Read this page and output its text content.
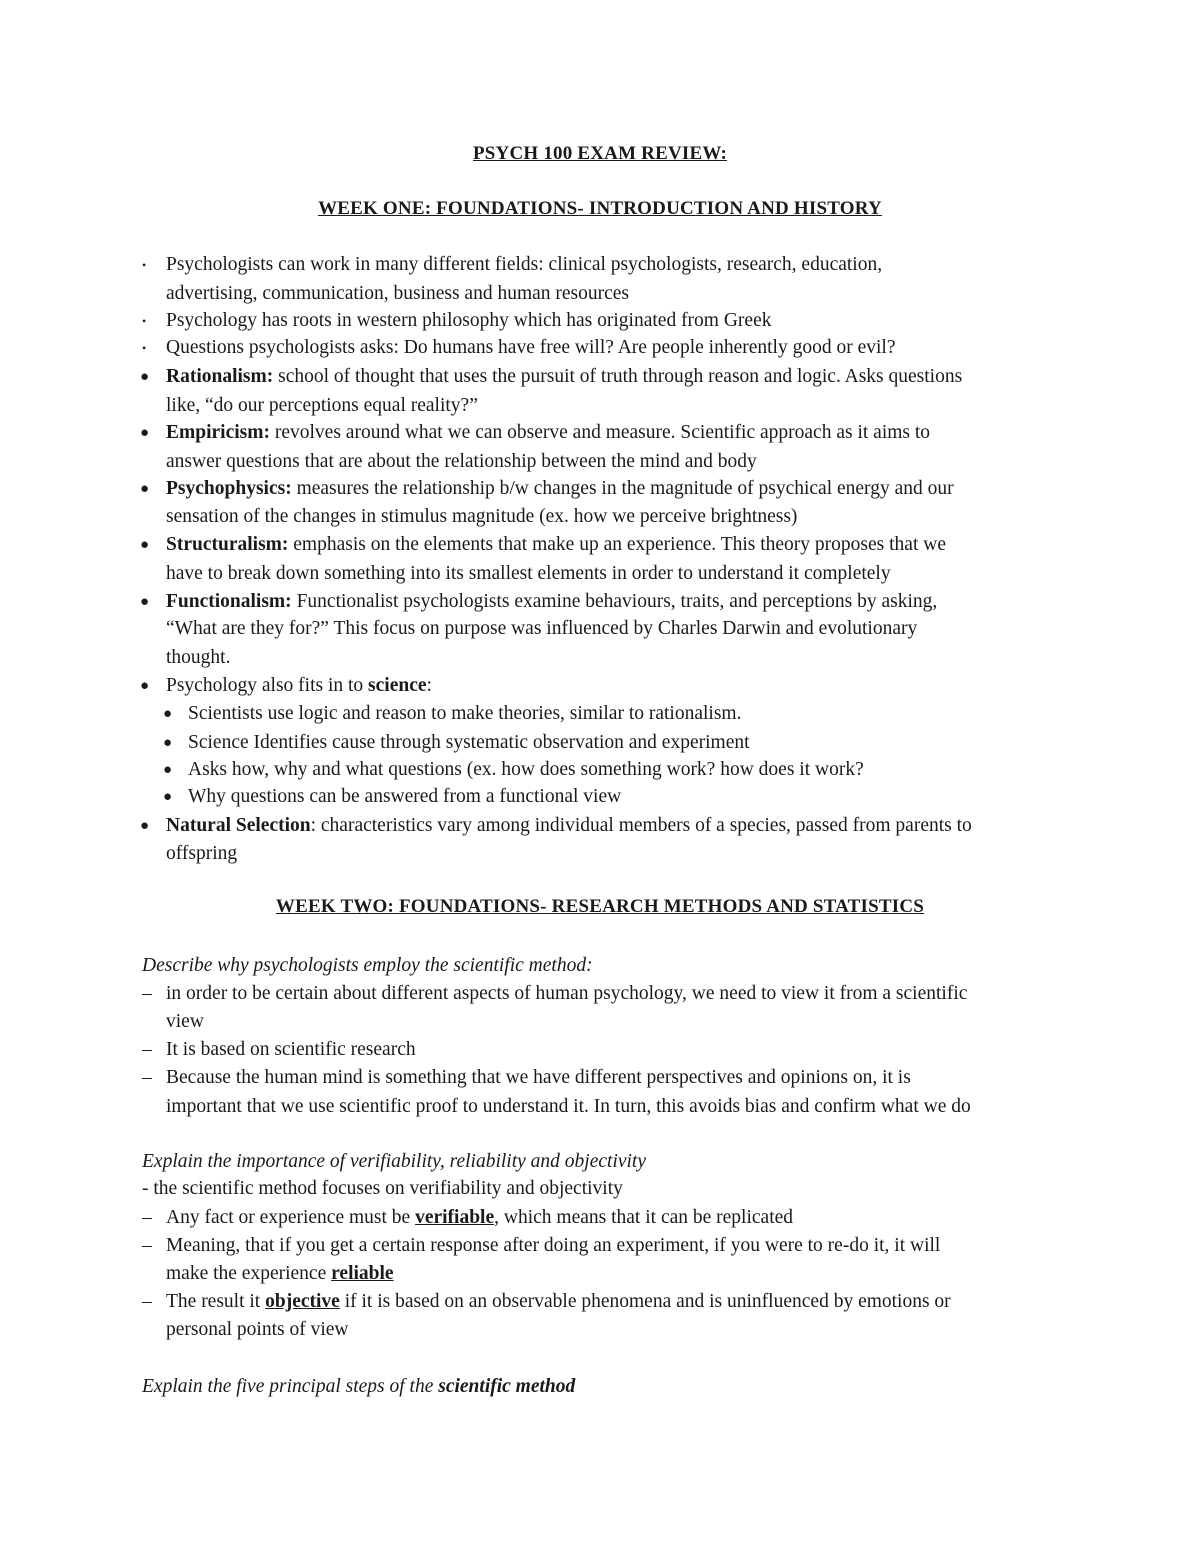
PSYCH 100 EXAM REVIEW:
WEEK ONE: FOUNDATIONS- INTRODUCTION AND HISTORY
• Psychologists can work in many different fields: clinical psychologists, research, education,
advertising, communication, business and human resources
• Psychology has roots in western philosophy which has originated from Greek
• Questions psychologists asks: Do humans have free will? Are people inherently good or evil?
● Rationalism: school of thought that uses the pursuit of truth through reason and logic. Asks questions
like, “do our perceptions equal reality?”
● Empiricism: revolves around what we can observe and measure. Scientific approach as it aims to
answer questions that are about the relationship between the mind and body
● Psychophysics: measures the relationship b/w changes in the magnitude of psychical energy and our
sensation of the changes in stimulus magnitude (ex. how we perceive brightness)
● Structuralism: emphasis on the elements that make up an experience. This theory proposes that we
have to break down something into its smallest elements in order to understand it completely
● Functionalism: Functionalist psychologists examine behaviours, traits, and perceptions by asking,
“What are they for?” This focus on purpose was influenced by Charles Darwin and evolutionary
thought.
● Psychology also fits in to science:
● Scientists use logic and reason to make theories, similar to rationalism.
● Science Identifies cause through systematic observation and experiment
● Asks how, why and what questions (ex. how does something work? how does it work?
● Why questions can be answered from a functional view
● Natural Selection: characteristics vary among individual members of a species, passed from parents to
offspring
WEEK TWO: FOUNDATIONS- RESEARCH METHODS AND STATISTICS
Describe why psychologists employ the scientific method:
– in order to be certain about different aspects of human psychology, we need to view it from a scientific
view
– It is based on scientific research
– Because the human mind is something that we have different perspectives and opinions on, it is
important that we use scientific proof to understand it. In turn, this avoids bias and confirm what we do
Explain the importance of verifiability, reliability and objectivity
- the scientific method focuses on verifiability and objectivity
– Any fact or experience must be verifiable, which means that it can be replicated
– Meaning, that if you get a certain response after doing an experiment, if you were to re-do it, it will
make the experience reliable
– The result it objective if it is based on an observable phenomena and is uninfluenced by emotions or
personal points of view
Explain the five principal steps of the scientific method
